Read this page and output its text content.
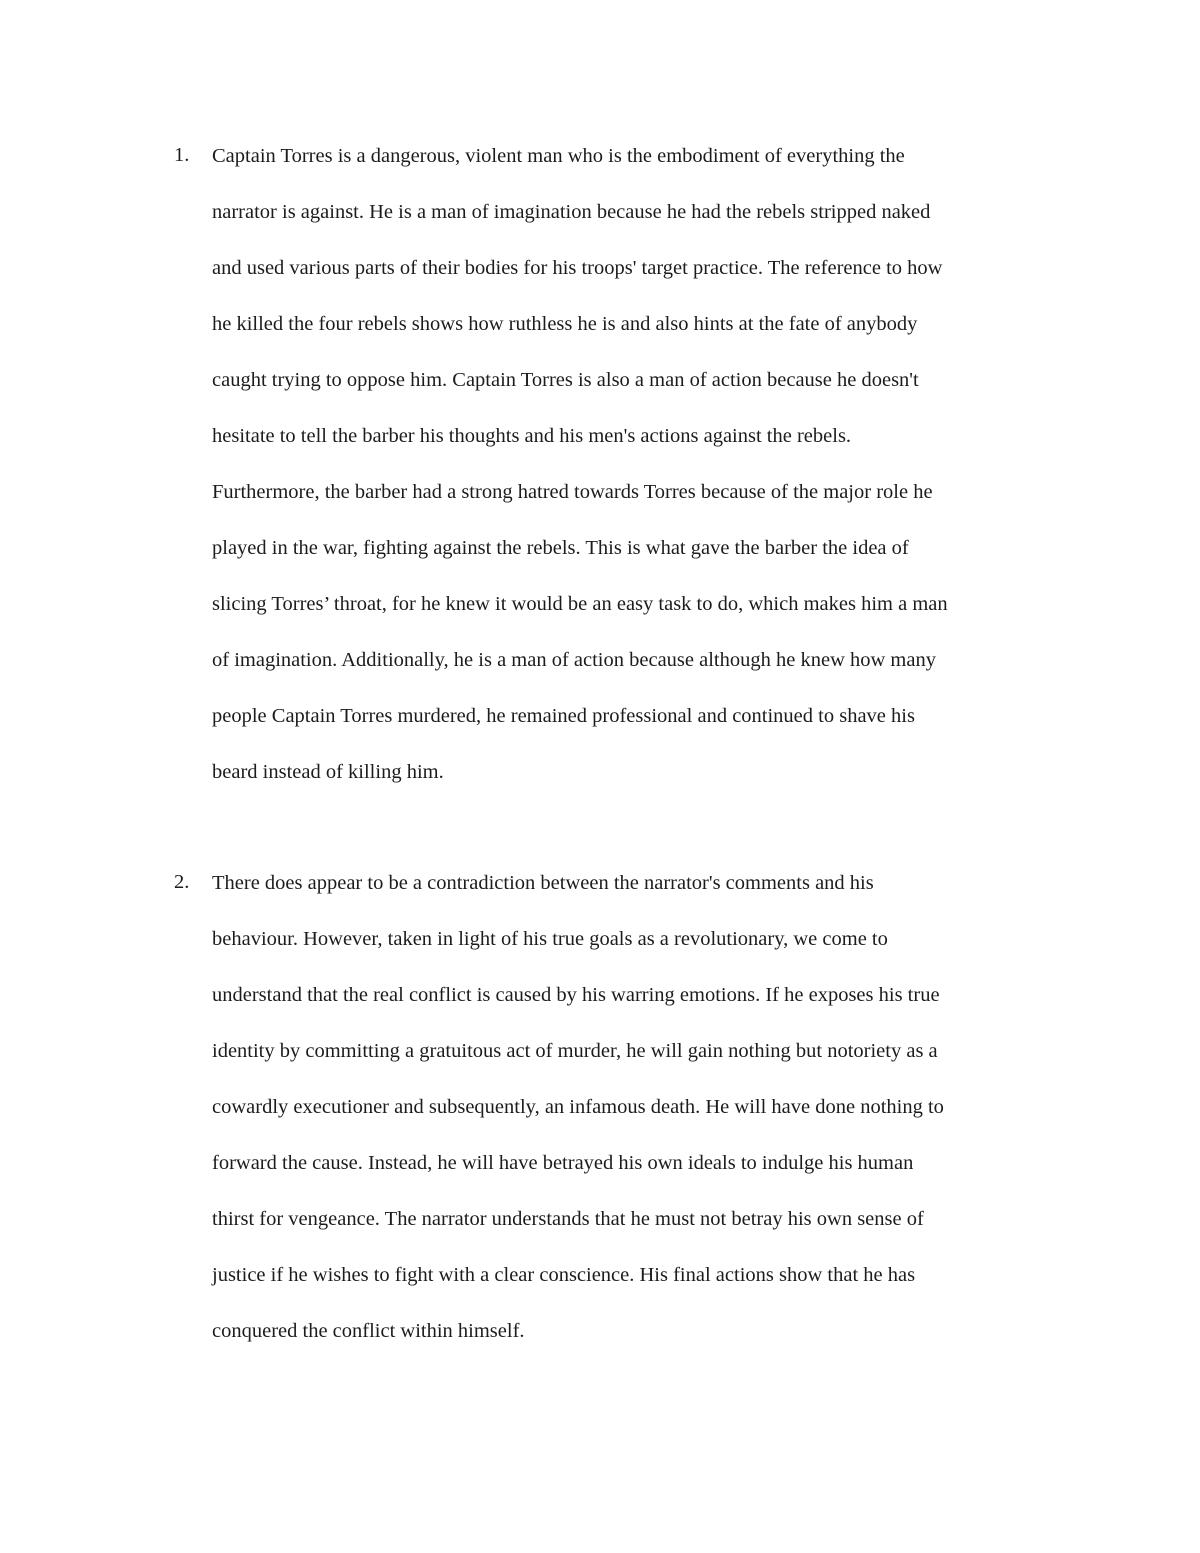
1. Captain Torres is a dangerous, violent man who is the embodiment of everything the
narrator is against. He is a man of imagination because he had the rebels stripped naked
and used various parts of their bodies for his troops' target practice. The reference to how
he killed the four rebels shows how ruthless he is and also hints at the fate of anybody
caught trying to oppose him. Captain Torres is also a man of action because he doesn't
hesitate to tell the barber his thoughts and his men's actions against the rebels.
Furthermore, the barber had a strong hatred towards Torres because of the major role he
played in the war, fighting against the rebels. This is what gave the barber the idea of
slicing Torres’ throat, for he knew it would be an easy task to do, which makes him a man
of imagination. Additionally, he is a man of action because although he knew how many
people Captain Torres murdered, he remained professional and continued to shave his
beard instead of killing him.
2. There does appear to be a contradiction between the narrator's comments and his
behaviour. However, taken in light of his true goals as a revolutionary, we come to
understand that the real conflict is caused by his warring emotions. If he exposes his true
identity by committing a gratuitous act of murder, he will gain nothing but notoriety as a
cowardly executioner and subsequently, an infamous death. He will have done nothing to
forward the cause. Instead, he will have betrayed his own ideals to indulge his human
thirst for vengeance. The narrator understands that he must not betray his own sense of
justice if he wishes to fight with a clear conscience. His final actions show that he has
conquered the conflict within himself.
